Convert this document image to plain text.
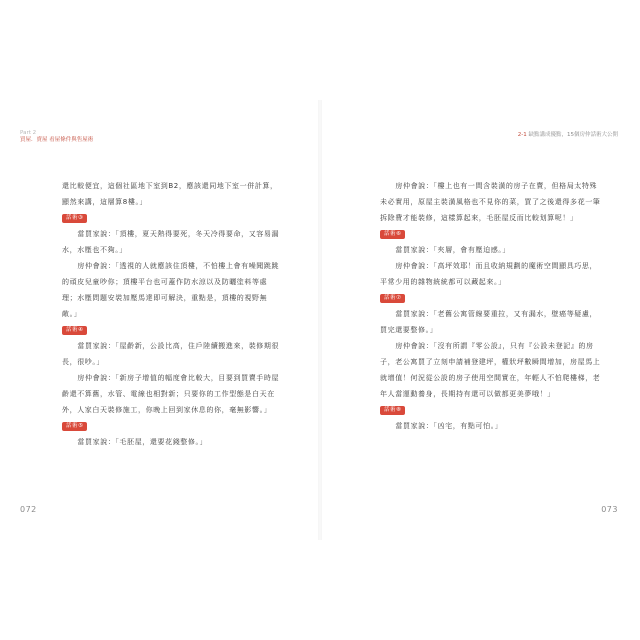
Part 2
買屋．賣屋 看屋條件與售屋術

還比較便宜，這個社區地下室到B2，應該還同地下室一併計算，顯然來講，這層算8樓。」

話術③

當買家說：「頂樓，夏天熱得要死，冬天冷得要命，又容易漏水，水壓也不夠。」

房仲會說：「透視的人就應該住頂樓，不怕樓上會有噪聞跳跳的頑皮兒童吵你；頂樓平台也可蓋作防水涼以及防曬塗料等處理；水壓問題安裝加壓馬達即可解決，重點是，頂樓的視野無敵。」

話術④

當買家說：「屋齡新，公設比高，住戶陸續搬進來，裝修期很長，很吵。」

房仲會說：「新房子增值的幅度會比較大，目要到買賣手時屋齡還不算舊，水管、電線也相對新；只要你的工作型態是白天在外，人家白天裝修施工，你晚上回到家休息的你，毫無影響。」

話術⑤

當買家說：「毛胚屋，還要花錢整修。」

072
2-1 缺點講成優點，15個房仲話術大公開

房仲會說：「樓上也有一間含裝潢的房子在賣，但格局太特殊未必實用，原屋主裝潢風格也不見你的菜，買了之後還得多花一筆拆除費才能裝修，這樣算起來，毛胚屋反而比較划算呢！」

話術⑥

當買家說：「夾層，會有壓迫感。」

房仲會說：「高坪效耶！而且收納規劃的魔術空間顯具巧思，平常少用的雜物統統都可以藏起來。」

話術⑦

當買家說：「老舊公寓管線要重拉，又有漏水，壁癌等疑慮，買完還要整修。」

房仲會說：「沒有所謂『零公設』，只有『公設未登記』的房子，老公寓買了立刻申請補登建坪，權狀坪數瞬間增加，房屋馬上就增值！何況從公設的房子使用空間實在，年輕人不怕爬樓梯，老年人當運動養身，長期持有還可以做都更美夢哦！」

話術⑧

當買家說：「凶宅，有點可怕。」

073
